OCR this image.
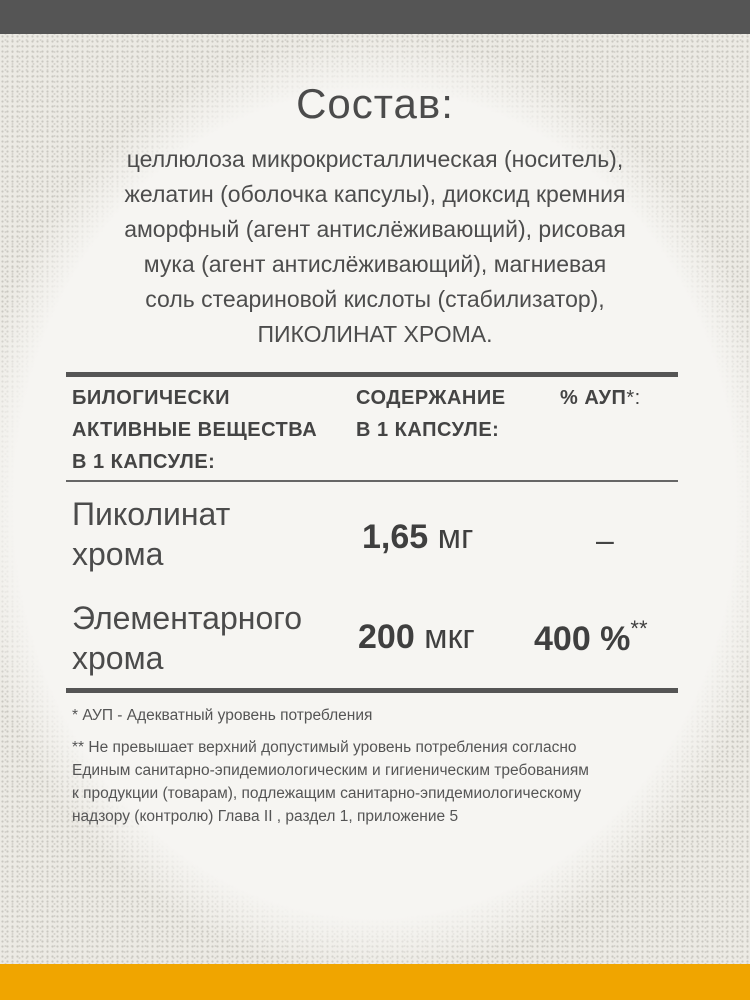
Состав:
целлюлоза микрокристаллическая (носитель),
желатин (оболочка капсулы), диоксид кремния
аморфный (агент антислёживающий), рисовая
мука (агент антислёживающий), магниевая
соль стеариновой кислоты (стабилизатор),
ПИКОЛИНАТ ХРОМА.
БИЛОГИЧЕСКИ
АКТИВНЫЕ ВЕЩЕСТВА
В 1 КАПСУЛЕ:
СОДЕРЖАНИЕ
В 1 КАПСУЛЕ:
% АУП*:
Пиколинат
хрома	1,65 мг	–
Элементарного
хрома
200 мкг 400 %**
* АУП - Адекватный уровень потребления
** Не превышает верхний допустимый уровень потребления согласно
Единым санитарно-эпидемиологическим и гигиеническим требованиям
к продукции (товарам), подлежащим санитарно-эпидемиологическому
надзору (контролю) Глава II , раздел 1, приложение 5
